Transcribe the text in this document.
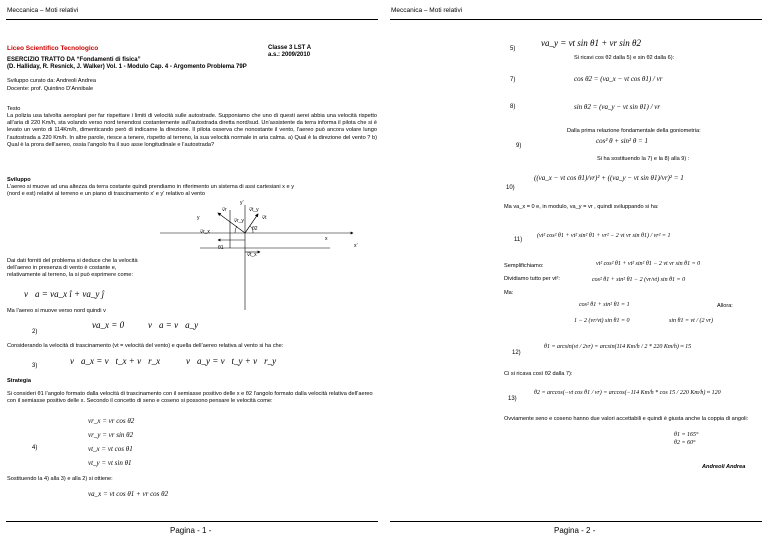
Meccanica – Moti relativi
Liceo Scientifico Tecnologico	Classe 3 LST A
a.s.: 2009/2010
ESERCIZIO TRATTO DA “Fondamenti di fisica”
(D. Halliday, R. Resnick, J. Walker) Vol. 1 - Modulo Cap. 4 - Argomento Problema 79P
Sviluppo curato da: Andreoli Andrea
Docente: prof. Quintino D’Annibale
Testo
La polizia usa talvolta aeroplani per far rispettare i limiti di velocità sulle autostrade. Supponiamo che uno di questi aerei abbia una velocità rispetto all’aria di 220 Km/h, sta volando verso nord tenendosi costantemente sull’autostrada diretta nord/sud. Un’assistente da terra informa il pilota che si è levato un vento di 114Km/h, dimenticando però di indicarne la direzione. Il pilota osserva che nonostante il vento, l’aereo può ancora volare lungo l’autostrada a 220 Km/h. In altre parole, riesce a tenere, rispetto al terreno, la sua velocità normale in aria calma. a) Qual è la direzione del vento ? b) Qual è la prora dell’aereo, ossia l’angolo fra il suo asse longitudinale e l’autostrada?
Sviluppo
L’aereo si muove ad una altezza da terra costante quindi prendiamo in riferimento un sistema di assi cartesiani x e y (nord e est) relativi al terreno e un piano di trascinamento x’ e y’ relativo al vento
y’
y
v⃗r
v⃗r_y
v⃗t_y
v⃗t
v⃗r_x	θ2
θ1
v⃗t_x
x
x’
Dai dati forniti del problema si deduce che la velocità dell’aereo in presenza di vento è costante e, relativamente al terreno, la si può esprimere come:
v⃗a = va_x î + va_y ĵ
Ma l’aereo si muove verso nord quindi v
2)
va_x = 0	v⃗a = v⃗a_y
Considerando la velocità di trascinamento (vt = velocità del vento) e quella dell’aereo relativa al vento si ha che:
3)	v⃗a_x = v⃗t_x + v⃗r_x	v⃗a_y = v⃗t_y + v⃗r_y
Strategia
Si consideri θ1 l’angolo formato dalla velocità di trascinamento con il semiasse positivo delle x e θ2 l’angolo formato dalla velocità relativa dell’aereo con il semiasse positivo delle x. Secondo il concetto di seno e coseno si possono pensare le velocità come:
4)
vr_x = vr cos θ2
vr_y = vr sin θ2
vt_x = vt cos θ1
vt_y = vt sin θ1
Sostituendo la 4) alla 3) e alla 2) si ottiene:
va_x = vt cos θ1 + vr cos θ2
Pagina - 1 -
Meccanica – Moti relativi
5)
va_y = vt sin θ1 + vr sin θ2
Si ricavi cos θ2 dalla 5) e sin θ2 dalla 6):
7)	cos θ2 = (va_x − vt cos θ1) / vr
8)	sin θ2 = (va_y − vt sin θ1) / vr
Dalla prima relazione fondamentale della goniometria:
9)
cos² θ + sin² θ = 1
Si ha sostituendo la 7) e la 8) alla 9) :
10)
((va_x − vt cos θ1)/vr)² + ((va_y − vt sin θ1)/vr)² = 1
Ma va_x = 0 e, in modulo, va_y = vr , quindi sviluppando si ha:
11)
(vt² cos² θ1 + vt² sin² θ1 + vr² − 2 vt vr sin θ1) / vr² = 1
Semplifichiamo:	vt² cos² θ1 + vt² sin² θ1 − 2 vt vr sin θ1 = 0
Dividiamo tutto per vt²:	cos² θ1 + sin² θ1 − 2 (vr/vt) sin θ1 = 0
Ma:
cos² θ1 + sin² θ1 = 1	Allora:
1 − 2 (vr/vt) sin θ1 = 0	sin θ1 = vt / (2 vr)
12)
θ1 = arcsin(vt / 2vr) = arcsin(114 Km/h / 2 * 220 Km/h) ≈ 15
Ci si ricava così θ2 dalla 7):
13)
θ2 = arccos(−vt cos θ1 / vr) = arccos(−114 Km/h * cos 15 / 220 Km/h) ≈ 120
Ovviamente seno e coseno hanno due valori accettabili e quindi è giusta anche la coppia di angoli:
θ1 = 165°
θ2 = 60°
Andreoli Andrea
Pagina - 2 -
